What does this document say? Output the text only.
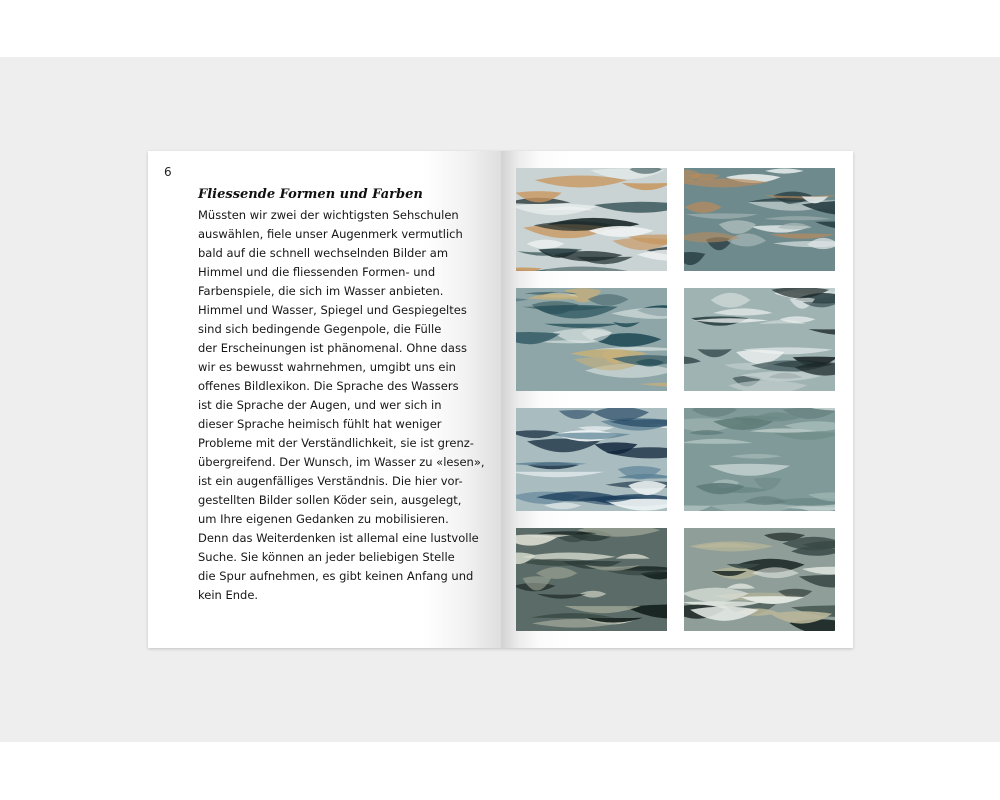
6
Fliessende Formen und Farben
Müssten wir zwei der wichtigsten Sehschulen
auswählen, fiele unser Augenmerk vermutlich
bald auf die schnell wechselnden Bilder am
Himmel und die fliessenden Formen- und
Farbenspiele, die sich im Wasser anbieten.
Himmel und Wasser, Spiegel und Gespiegeltes
sind sich bedingende Gegenpole, die Fülle
der Erscheinungen ist phänomenal. Ohne dass
wir es bewusst wahrnehmen, umgibt uns ein
offenes Bildlexikon. Die Sprache des Wassers
ist die Sprache der Augen, und wer sich in
dieser Sprache heimisch fühlt hat weniger
Probleme mit der Verständlichkeit, sie ist grenz-
übergreifend. Der Wunsch, im Wasser zu «lesen»,
ist ein augenfälliges Verständnis. Die hier vor-
gestellten Bilder sollen Köder sein, ausgelegt,
um Ihre eigenen Gedanken zu mobilisieren.
Denn das Weiterdenken ist allemal eine lustvolle
Suche. Sie können an jeder beliebigen Stelle
die Spur aufnehmen, es gibt keinen Anfang und
kein Ende.
